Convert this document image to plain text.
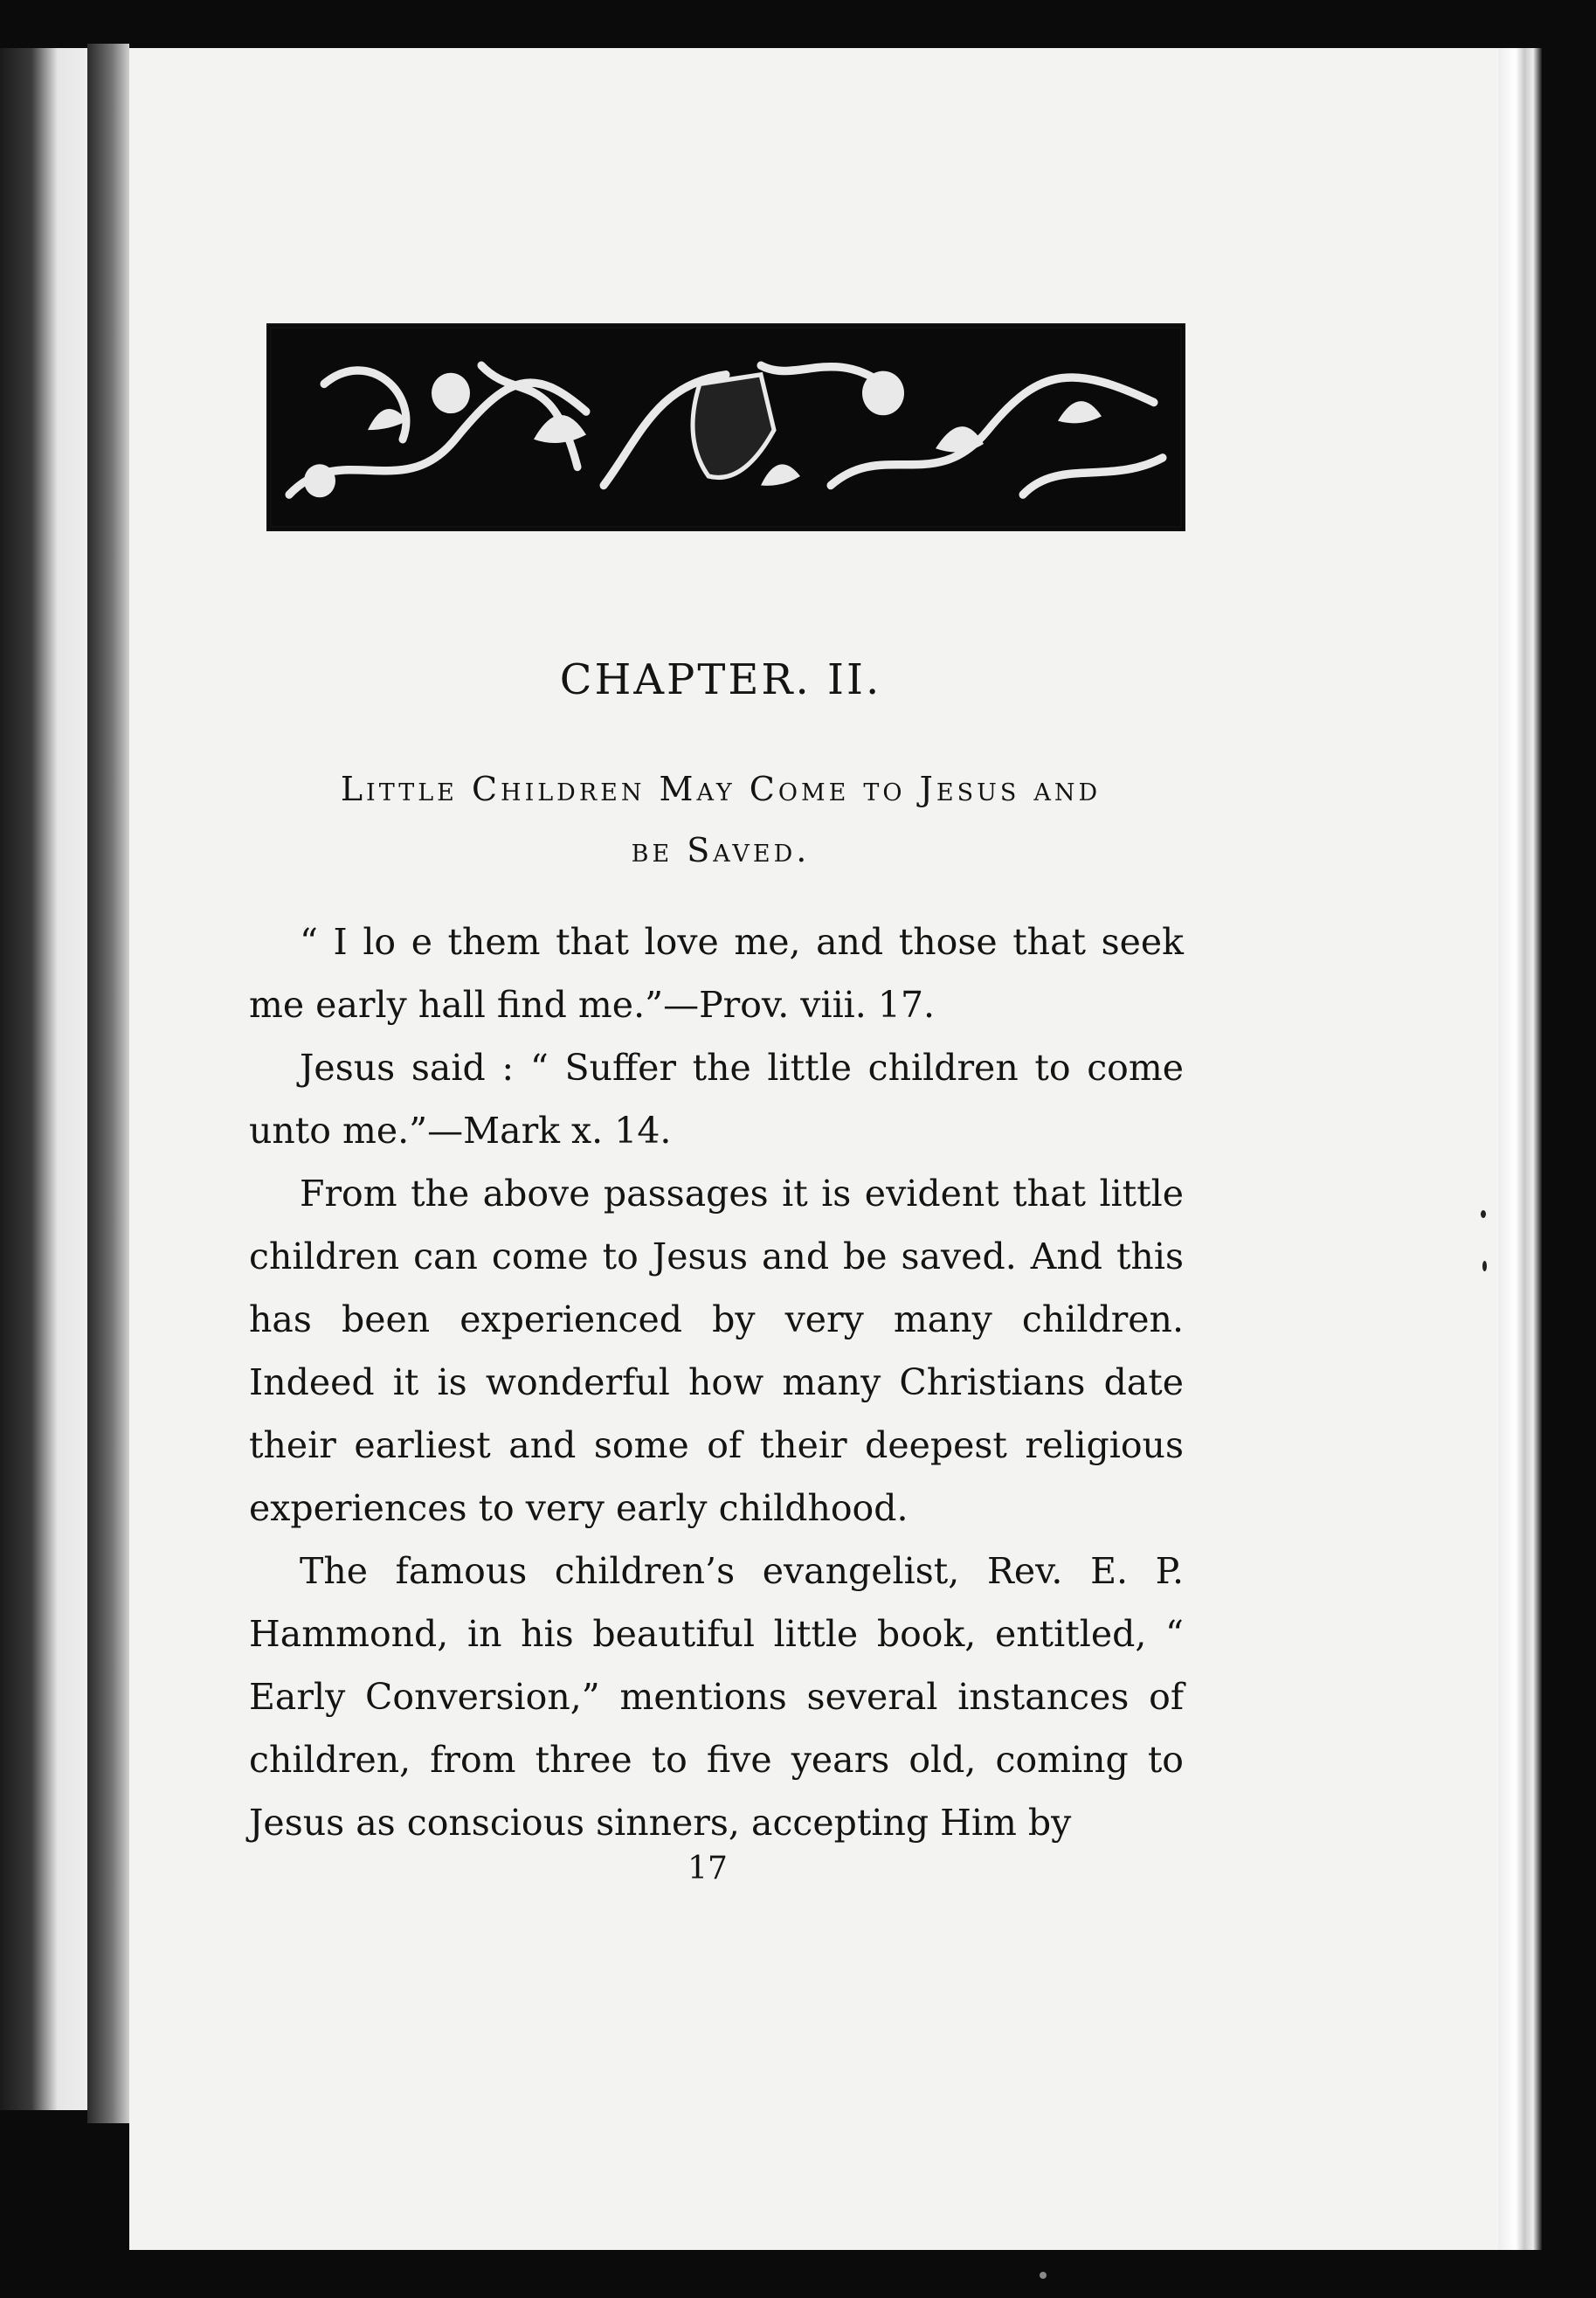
CHAPTER. II.
Little Children May Come to Jesus and
be Saved.

“ I lo e them that love me, and those that seek me early hall find me.”—Prov. viii. 17.

Jesus said : “ Suffer the little children to come unto me.”—Mark x. 14.

From the above passages it is evident that little children can come to Jesus and be saved. And this has been experienced by very many children. Indeed it is wonderful how many Christians date their earliest and some of their deepest religious experiences to very early childhood.

The famous children’s evangelist, Rev. E. P. Hammond, in his beautiful little book, entitled, “ Early Conversion,” mentions several instances of children, from three to five years old, coming to Jesus as conscious sinners, accepting Him by

17
